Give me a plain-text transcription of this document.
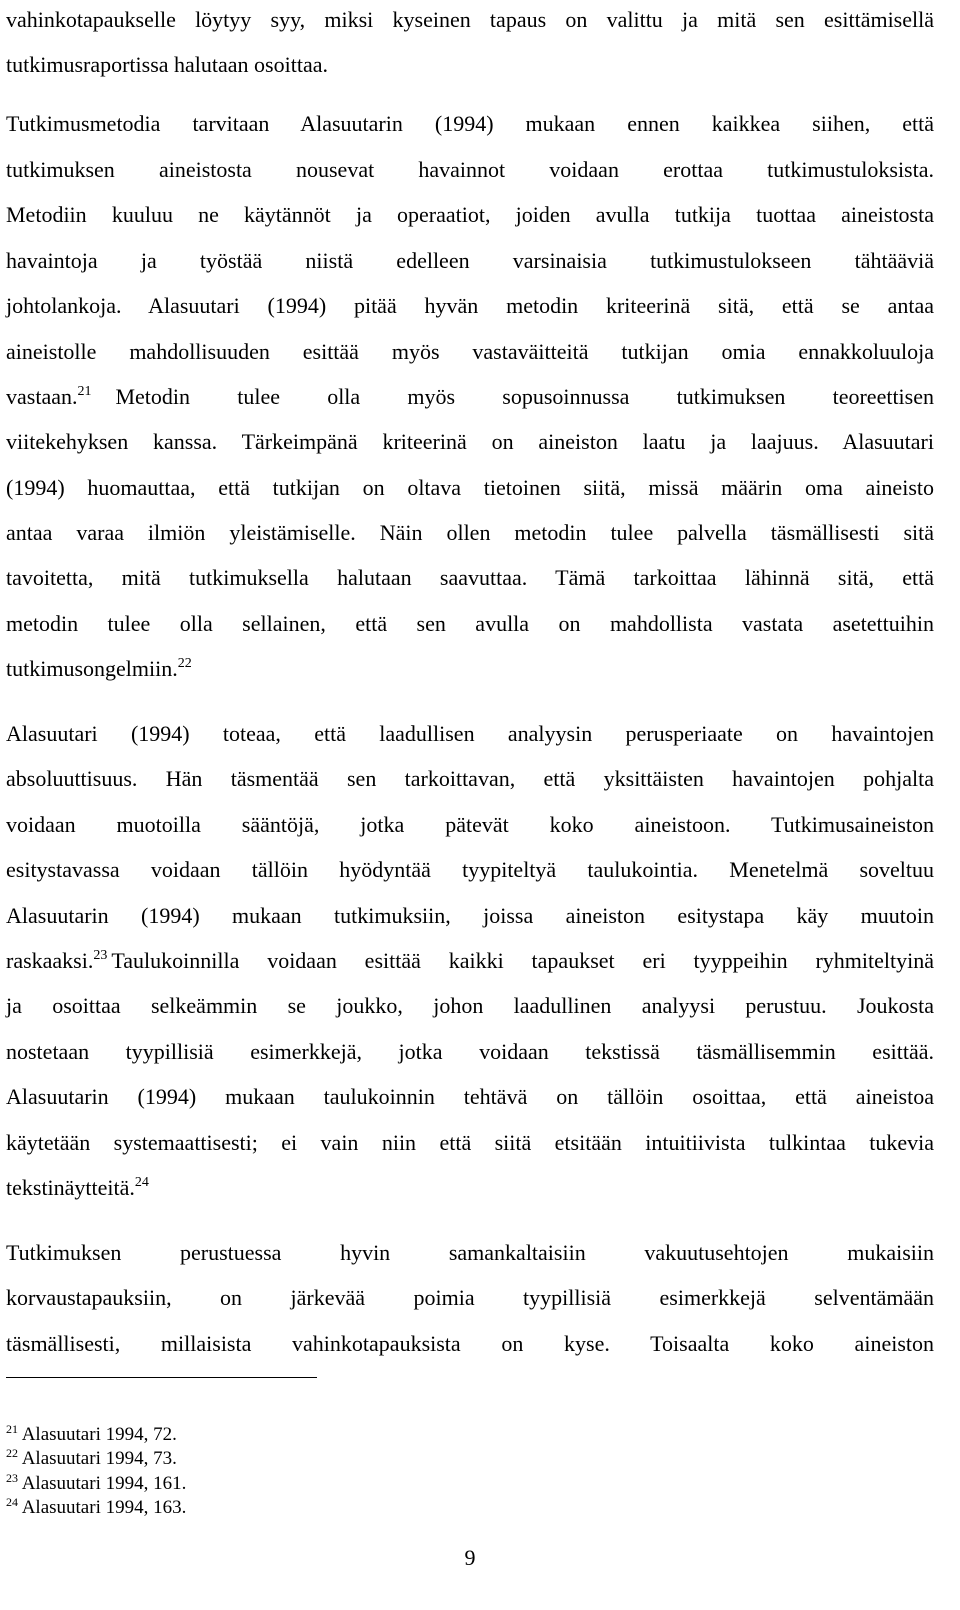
vahinkotapaukselle löytyy syy, miksi kyseinen tapaus on valittu ja mitä sen esittämisellä
tutkimusraportissa halutaan osoittaa.
Tutkimusmetodia tarvitaan Alasuutarin (1994) mukaan ennen kaikkea siihen, että
tutkimuksen aineistosta nousevat havainnot voidaan erottaa tutkimustuloksista.
Metodiin kuuluu ne käytännöt ja operaatiot, joiden avulla tutkija tuottaa aineistosta
havaintoja ja työstää niistä edelleen varsinaisia tutkimustulokseen tähtääviä
johtolankoja. Alasuutari (1994) pitää hyvän metodin kriteerinä sitä, että se antaa
aineistolle mahdollisuuden esittää myös vastaväitteitä tutkijan omia ennakkoluuloja
vastaan.$^{21}$	Metodin tulee olla myös sopusoinnussa tutkimuksen teoreettisen
viitekehyksen kanssa. Tärkeimpänä kriteerinä on aineiston laatu ja laajuus. Alasuutari
(1994) huomauttaa, että tutkijan on oltava tietoinen siitä, missä määrin oma aineisto
antaa varaa ilmiön yleistämiselle. Näin ollen metodin tulee palvella täsmällisesti sitä
tavoitetta, mitä tutkimuksella halutaan saavuttaa. Tämä tarkoittaa lähinnä sitä, että
metodin tulee olla sellainen, että sen avulla on mahdollista vastata asetettuihin
tutkimusongelmiin.$^{22}$
Alasuutari (1994) toteaa, että laadullisen analyysin perusperiaate on havaintojen
absoluuttisuus. Hän täsmentää sen tarkoittavan, että yksittäisten havaintojen pohjalta
voidaan muotoilla sääntöjä, jotka pätevät koko aineistoon. Tutkimusaineiston
esitystavassa voidaan tällöin hyödyntää tyypiteltyä taulukointia. Menetelmä soveltuu
Alasuutarin (1994) mukaan tutkimuksiin, joissa aineiston esitystapa käy muutoin
raskaaksi.$^{23}$ Taulukoinnilla voidaan esittää kaikki tapaukset eri tyyppeihin ryhmiteltyinä
ja osoittaa selkeämmin se joukko, johon laadullinen analyysi perustuu. Joukosta
nostetaan tyypillisiä esimerkkejä, jotka voidaan tekstissä täsmällisemmin esittää.
Alasuutarin (1994) mukaan taulukoinnin tehtävä on tällöin osoittaa, että aineistoa
käytetään systemaattisesti; ei vain niin että siitä etsitään intuitiivista tulkintaa tukevia
tekstinäytteitä.$^{24}$
Tutkimuksen perustuessa hyvin samankaltaisiin vakuutusehtojen mukaisiin
korvaustapauksiin, on järkevää poimia tyypillisiä esimerkkejä selventämään
täsmällisesti, millaisista vahinkotapauksista on kyse. Toisaalta koko aineiston
$^{21}$ Alasuutari 1994, 72.
$^{22}$ Alasuutari 1994, 73.
$^{23}$ Alasuutari 1994, 161.
$^{24}$ Alasuutari 1994, 163.
9
